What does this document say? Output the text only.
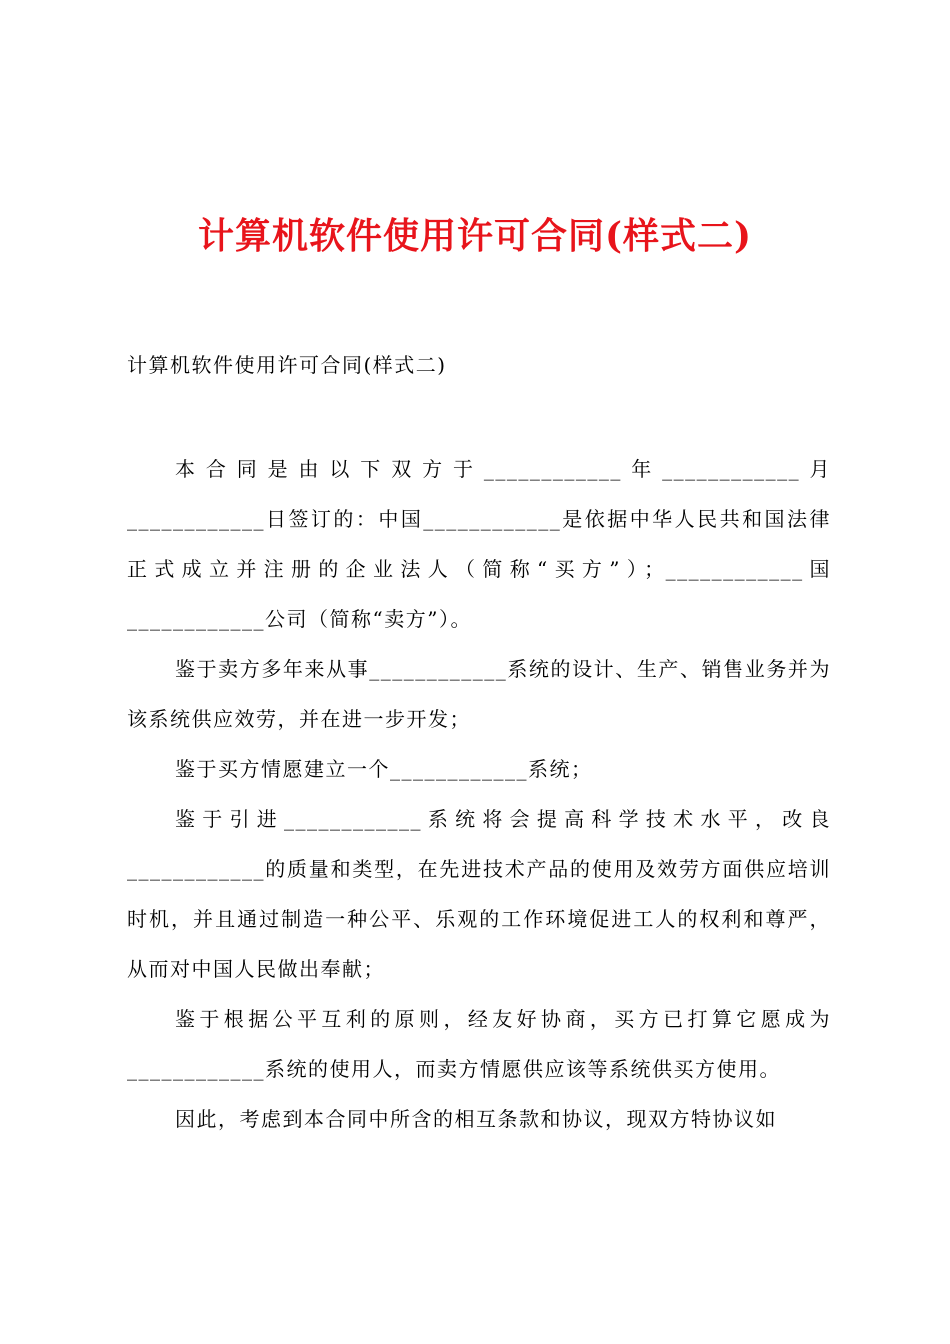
计算机软件使用许可合同(样式二)
计算机软件使用许可合同(样式二)

本合同是由以下双方于____________年____________月____________日签订的：中国____________是依据中华人民共和国法律正式成立并注册的企业法人（简称“买方”）；____________国____________公司（简称“卖方”）。

鉴于卖方多年来从事____________系统的设计、生产、销售业务并为该系统供应效劳，并在进一步开发；

鉴于买方情愿建立一个____________系统；

鉴于引进____________系统将会提高科学技术水平，改良____________的质量和类型，在先进技术产品的使用及效劳方面供应培训时机，并且通过制造一种公平、乐观的工作环境促进工人的权利和尊严，从而对中国人民做出奉献；

鉴于根据公平互利的原则，经友好协商，买方已打算它愿成为____________系统的使用人，而卖方情愿供应该等系统供买方使用。

因此，考虑到本合同中所含的相互条款和协议，现双方特协议如
